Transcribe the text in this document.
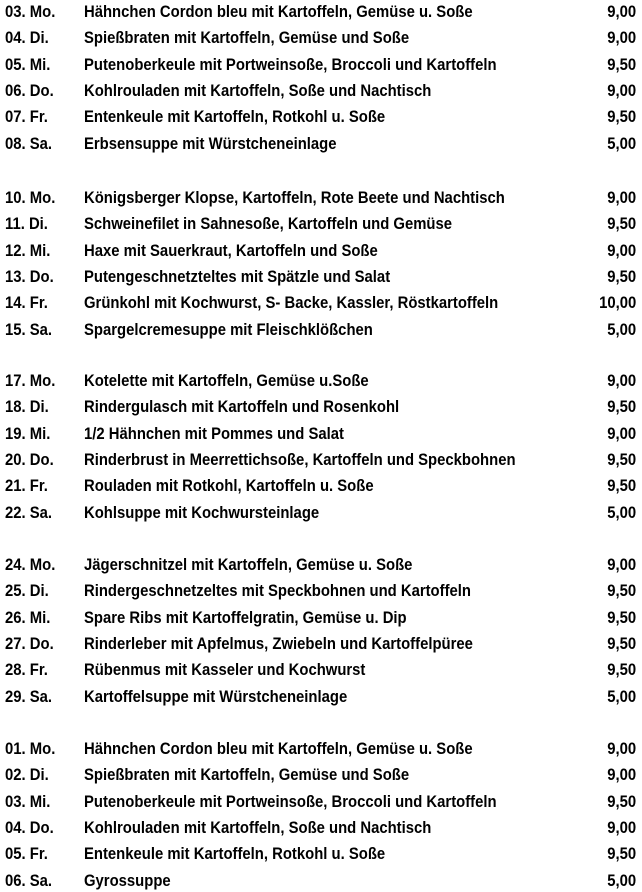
03. Mo. Hähnchen Cordon bleu mit Kartoffeln, Gemüse u. Soße	9,00
04. Di. Spießbraten mit Kartoffeln, Gemüse und Soße	9,00
05. Mi. Putenoberkeule mit Portweinsoße, Broccoli und Kartoffeln	9,50
06. Do. Kohlrouladen mit Kartoffeln, Soße und Nachtisch	9,00
07. Fr. Entenkeule mit Kartoffeln, Rotkohl u. Soße	9,50
08. Sa. Erbsensuppe mit Würstcheneinlage	5,00
10. Mo. Königsberger Klopse, Kartoffeln, Rote Beete und Nachtisch	9,00
11. Di. Schweinefilet in Sahnesoße, Kartoffeln und Gemüse	9,50
12. Mi. Haxe mit Sauerkraut, Kartoffeln und Soße	9,00
13. Do. Putengeschnetzteltes mit Spätzle und Salat	9,50
14. Fr. Grünkohl mit Kochwurst, S- Backe, Kassler, Röstkartoffeln	10,00
15. Sa. Spargelcremesuppe mit Fleischklößchen	5,00
17. Mo. Kotelette mit Kartoffeln, Gemüse u.Soße	9,00
18. Di. Rindergulasch mit Kartoffeln und Rosenkohl	9,50
19. Mi. 1/2 Hähnchen mit Pommes und Salat	9,00
20. Do. Rinderbrust in Meerrettichsoße, Kartoffeln und Speckbohnen	9,50
21. Fr. Rouladen mit Rotkohl, Kartoffeln u. Soße	9,50
22. Sa. Kohlsuppe mit Kochwursteinlage	5,00
24. Mo. Jägerschnitzel mit Kartoffeln, Gemüse u. Soße	9,00
25. Di. Rindergeschnetzeltes mit Speckbohnen und Kartoffeln	9,50
26. Mi. Spare Ribs mit Kartoffelgratin, Gemüse u. Dip	9,50
27. Do. Rinderleber mit Apfelmus, Zwiebeln und Kartoffelpüree	9,50
28. Fr. Rübenmus mit Kasseler und Kochwurst	9,50
29. Sa. Kartoffelsuppe mit Würstcheneinlage	5,00
01. Mo. Hähnchen Cordon bleu mit Kartoffeln, Gemüse u. Soße	9,00
02. Di. Spießbraten mit Kartoffeln, Gemüse und Soße	9,00
03. Mi. Putenoberkeule mit Portweinsoße, Broccoli und Kartoffeln	9,50
04. Do. Kohlrouladen mit Kartoffeln, Soße und Nachtisch	9,00
05. Fr. Entenkeule mit Kartoffeln, Rotkohl u. Soße	9,50
06. Sa. Gyrossuppe	5,00
